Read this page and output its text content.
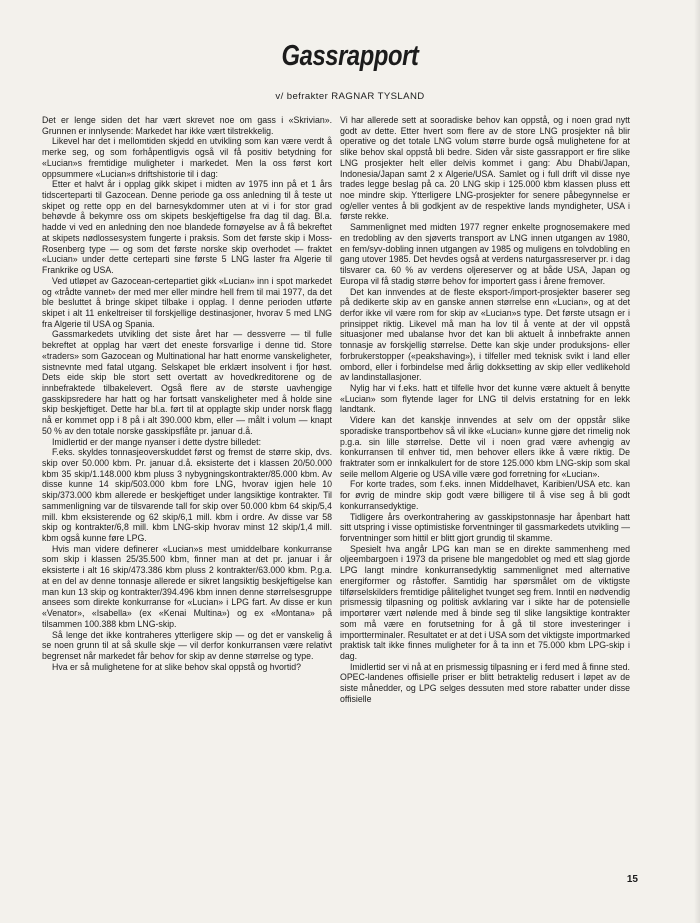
Gassrapport
v/ befrakter RAGNAR TYSLAND

Det er lenge siden det har vært skrevet noe om gass i «Skrivian». Grunnen er innlysende: Markedet har ikke vært tilstrekkelig.

Likevel har det i mellomtiden skjedd en utvikling som kan være verdt å merke seg, og som forhåpentligvis også vil få positiv betydning for «Lucian»s fremtidige muligheter i markedet. Men la oss først kort oppsummere «Lucian»s driftshistorie til i dag:

Etter et halvt år i opplag gikk skipet i midten av 1975 inn på et 1 års tidscerteparti til Gazocean. Denne periode ga oss anledning til å teste ut skipet og rette opp en del barnesykdommer uten at vi i for stor grad behøvde å bekymre oss om skipets beskjeftigelse fra dag til dag. Bl.a. hadde vi ved en anledning den noe blandede fornøyelse av å få bekreftet at skipets nødlossesystem fungerte i praksis. Som det første skip i Moss-Rosenberg type — og som det første norske skip overhodet — fraktet «Lucian» under dette certeparti sine første 5 LNG laster fra Algerie til Frankrike og USA.

Ved utløpet av Gazocean-certepartiet gikk «Lucian» inn i spot markedet og «trådte vannet» der med mer eller mindre hell frem til mai 1977, da det ble besluttet å bringe skipet tilbake i opplag. I denne perioden utførte skipet i alt 11 enkeltreiser til forskjellige destinasjoner, hvorav 5 med LNG fra Algerie til USA og Spania.

Gassmarkedets utvikling det siste året har — dessverre — til fulle bekreftet at opplag har vært det eneste forsvarlige i denne tid. Store «traders» som Gazocean og Multinational har hatt enorme vanskeligheter, sistnevnte med fatal utgang. Selskapet ble erklært insolvent i fjor høst. Dets eide skip ble stort sett overtatt av hovedkreditorene og de innbefraktede tilbakelevert. Også flere av de største uavhengige gasskipsredere har hatt og har fortsatt vanskeligheter med å holde sine skip beskjeftiget. Dette har bl.a. ført til at opplagte skip under norsk flagg nå er kommet opp i 8 på i alt 390.000 kbm, eller — målt i volum — knapt 50 % av den totale norske gasskipsflåte pr. januar d.å.

Imidlertid er der mange nyanser i dette dystre billedet:

F.eks. skyldes tonnasjeoverskuddet først og fremst de større skip, dvs. skip over 50.000 kbm. Pr. januar d.å. eksisterte det i klassen 20/50.000 kbm 35 skip/1.148.000 kbm pluss 3 nybygningskontrakter/85.000 kbm. Av disse kunne 14 skip/503.000 kbm fore LNG, hvorav igjen hele 10 skip/373.000 kbm allerede er beskjeftiget under langsiktige kontrakter. Til sammenligning var de tilsvarende tall for skip over 50.000 kbm 64 skip/5,4 mill. kbm eksisterende og 62 skip/6,1 mill. kbm i ordre. Av disse var 58 skip og kontrakter/6,8 mill. kbm LNG-skip hvorav minst 12 skip/1,4 mill. kbm også kunne føre LPG.

Hvis man videre definerer «Lucian»s mest umiddelbare konkurranse som skip i klassen 25/35.500 kbm, finner man at det pr. januar i år eksisterte i alt 16 skip/473.386 kbm pluss 2 kontrakter/63.000 kbm. P.g.a. at en del av denne tonnasje allerede er sikret langsiktig beskjeftigelse kan man kun 13 skip og kontrakter/394.496 kbm innen denne størrelsesgruppe ansees som direkte konkurranse for «Lucian» i LPG fart. Av disse er kun «Venator», «Isabella» (ex «Kenai Multina») og ex «Montana» på tilsammen 100.388 kbm LNG-skip.

Så lenge det ikke kontraheres ytterligere skip — og det er vanskelig å se noen grunn til at så skulle skje — vil derfor konkurransen være relativt begrenset når markedet får behov for skip av denne størrelse og type.

Hva er så mulighetene for at slike behov skal oppstå og hvortid?

Vi har allerede sett at sooradiske behov kan oppstå, og i noen grad nytt godt av dette. Etter hvert som flere av de store LNG prosjekter nå blir operative og det totale LNG volum større burde også mulighetene for at slike behov skal oppstå bli bedre. Siden vår siste gassrapport er fire slike LNG prosjekter helt eller delvis kommet i gang: Abu Dhabi/Japan, Indonesia/Japan samt 2 x Algerie/USA. Samlet og i full drift vil disse nye trades legge beslag på ca. 20 LNG skip i 125.000 kbm klassen pluss ett noe mindre skip. Ytterligere LNG-prosjekter for senere påbegynnelse er og/eller ventes å bli godkjent av de respektive lands myndigheter, USA i første rekke.

Sammenlignet med midten 1977 regner enkelte prognosemakere med en tredobling av den sjøverts transport av LNG innen utgangen av 1980, en fem/syv-dobling innen utgangen av 1985 og muligens en tolvdobling en gang utover 1985. Det hevdes også at verdens naturgassreserver pr. i dag tilsvarer ca. 60 % av verdens oljereserver og at både USA, Japan og Europa vil få stadig større behov for importert gass i årene fremover.

Det kan innvendes at de fleste eksport-/import-prosjekter baserer seg på dedikerte skip av en ganske annen størrelse enn «Lucian», og at det derfor ikke vil være rom for skip av «Lucian»s type. Det første utsagn er i prinsippet riktig. Likevel må man ha lov til å vente at der vil oppstå situasjoner med ubalanse hvor det kan bli aktuelt å innbefrakte annen tonnasje av forskjellig størrelse. Dette kan skje under produksjons- eller forbrukerstopper («peakshaving»), i tilfeller med teknisk svikt i land eller ombord, eller i forbindelse med årlig dokksetting av skip eller vedlikehold av landinstallasjoner.

Nylig har vi f.eks. hatt et tilfelle hvor det kunne være aktuelt å benytte «Lucian» som flytende lager for LNG til delvis erstatning for en lekk landtank.

Videre kan det kanskje innvendes at selv om der oppstår slike sporadiske transportbehov så vil ikke «Lucian» kunne gjøre det rimelig nok p.g.a. sin lille størrelse. Dette vil i noen grad være avhengig av konkurransen til enhver tid, men behover ellers ikke å være riktig. De fraktrater som er innkalkulert for de store 125.000 kbm LNG-skip som skal seile mellom Algerie og USA ville være god forretning for «Lucian».

For korte trades, som f.eks. innen Middelhavet, Karibien/USA etc. kan for øvrig de mindre skip godt være billigere til å vise seg å bli godt konkurransedyktige.

Tidligere års overkontrahering av gasskipstonnasje har åpenbart hatt sitt utspring i visse optimistiske forventninger til gassmarkedets utvikling — forventninger som hittil er blitt gjort grundig til skamme.

Spesielt hva angår LPG kan man se en direkte sammenheng med oljeembargoen i 1973 da prisene ble mangedoblet og med ett slag gjorde LPG langt mindre konkurransedyktig sammenlignet med alternative energiformer og råstoffer. Samtidig har spørsmålet om de viktigste tilførselskilders fremtidige pålitelighet tvunget seg frem. Inntil en nødvendig prismessig tilpasning og politisk avklaring var i sikte har de potensielle importører vært nølende med å binde seg til slike langsiktige kontrakter som må være en forutsetning for å gå til store investeringer i importterminaler. Resultatet er at det i USA som det viktigste importmarked praktisk talt ikke finnes muligheter for å ta inn et 75.000 kbm LPG-skip i dag.

Imidlertid ser vi nå at en prismessig tilpasning er i ferd med å finne sted. OPEC-landenes offisielle priser er blitt betraktelig redusert i løpet av de siste månedder, og LPG selges dessuten med store rabatter under disse offisielle

15
